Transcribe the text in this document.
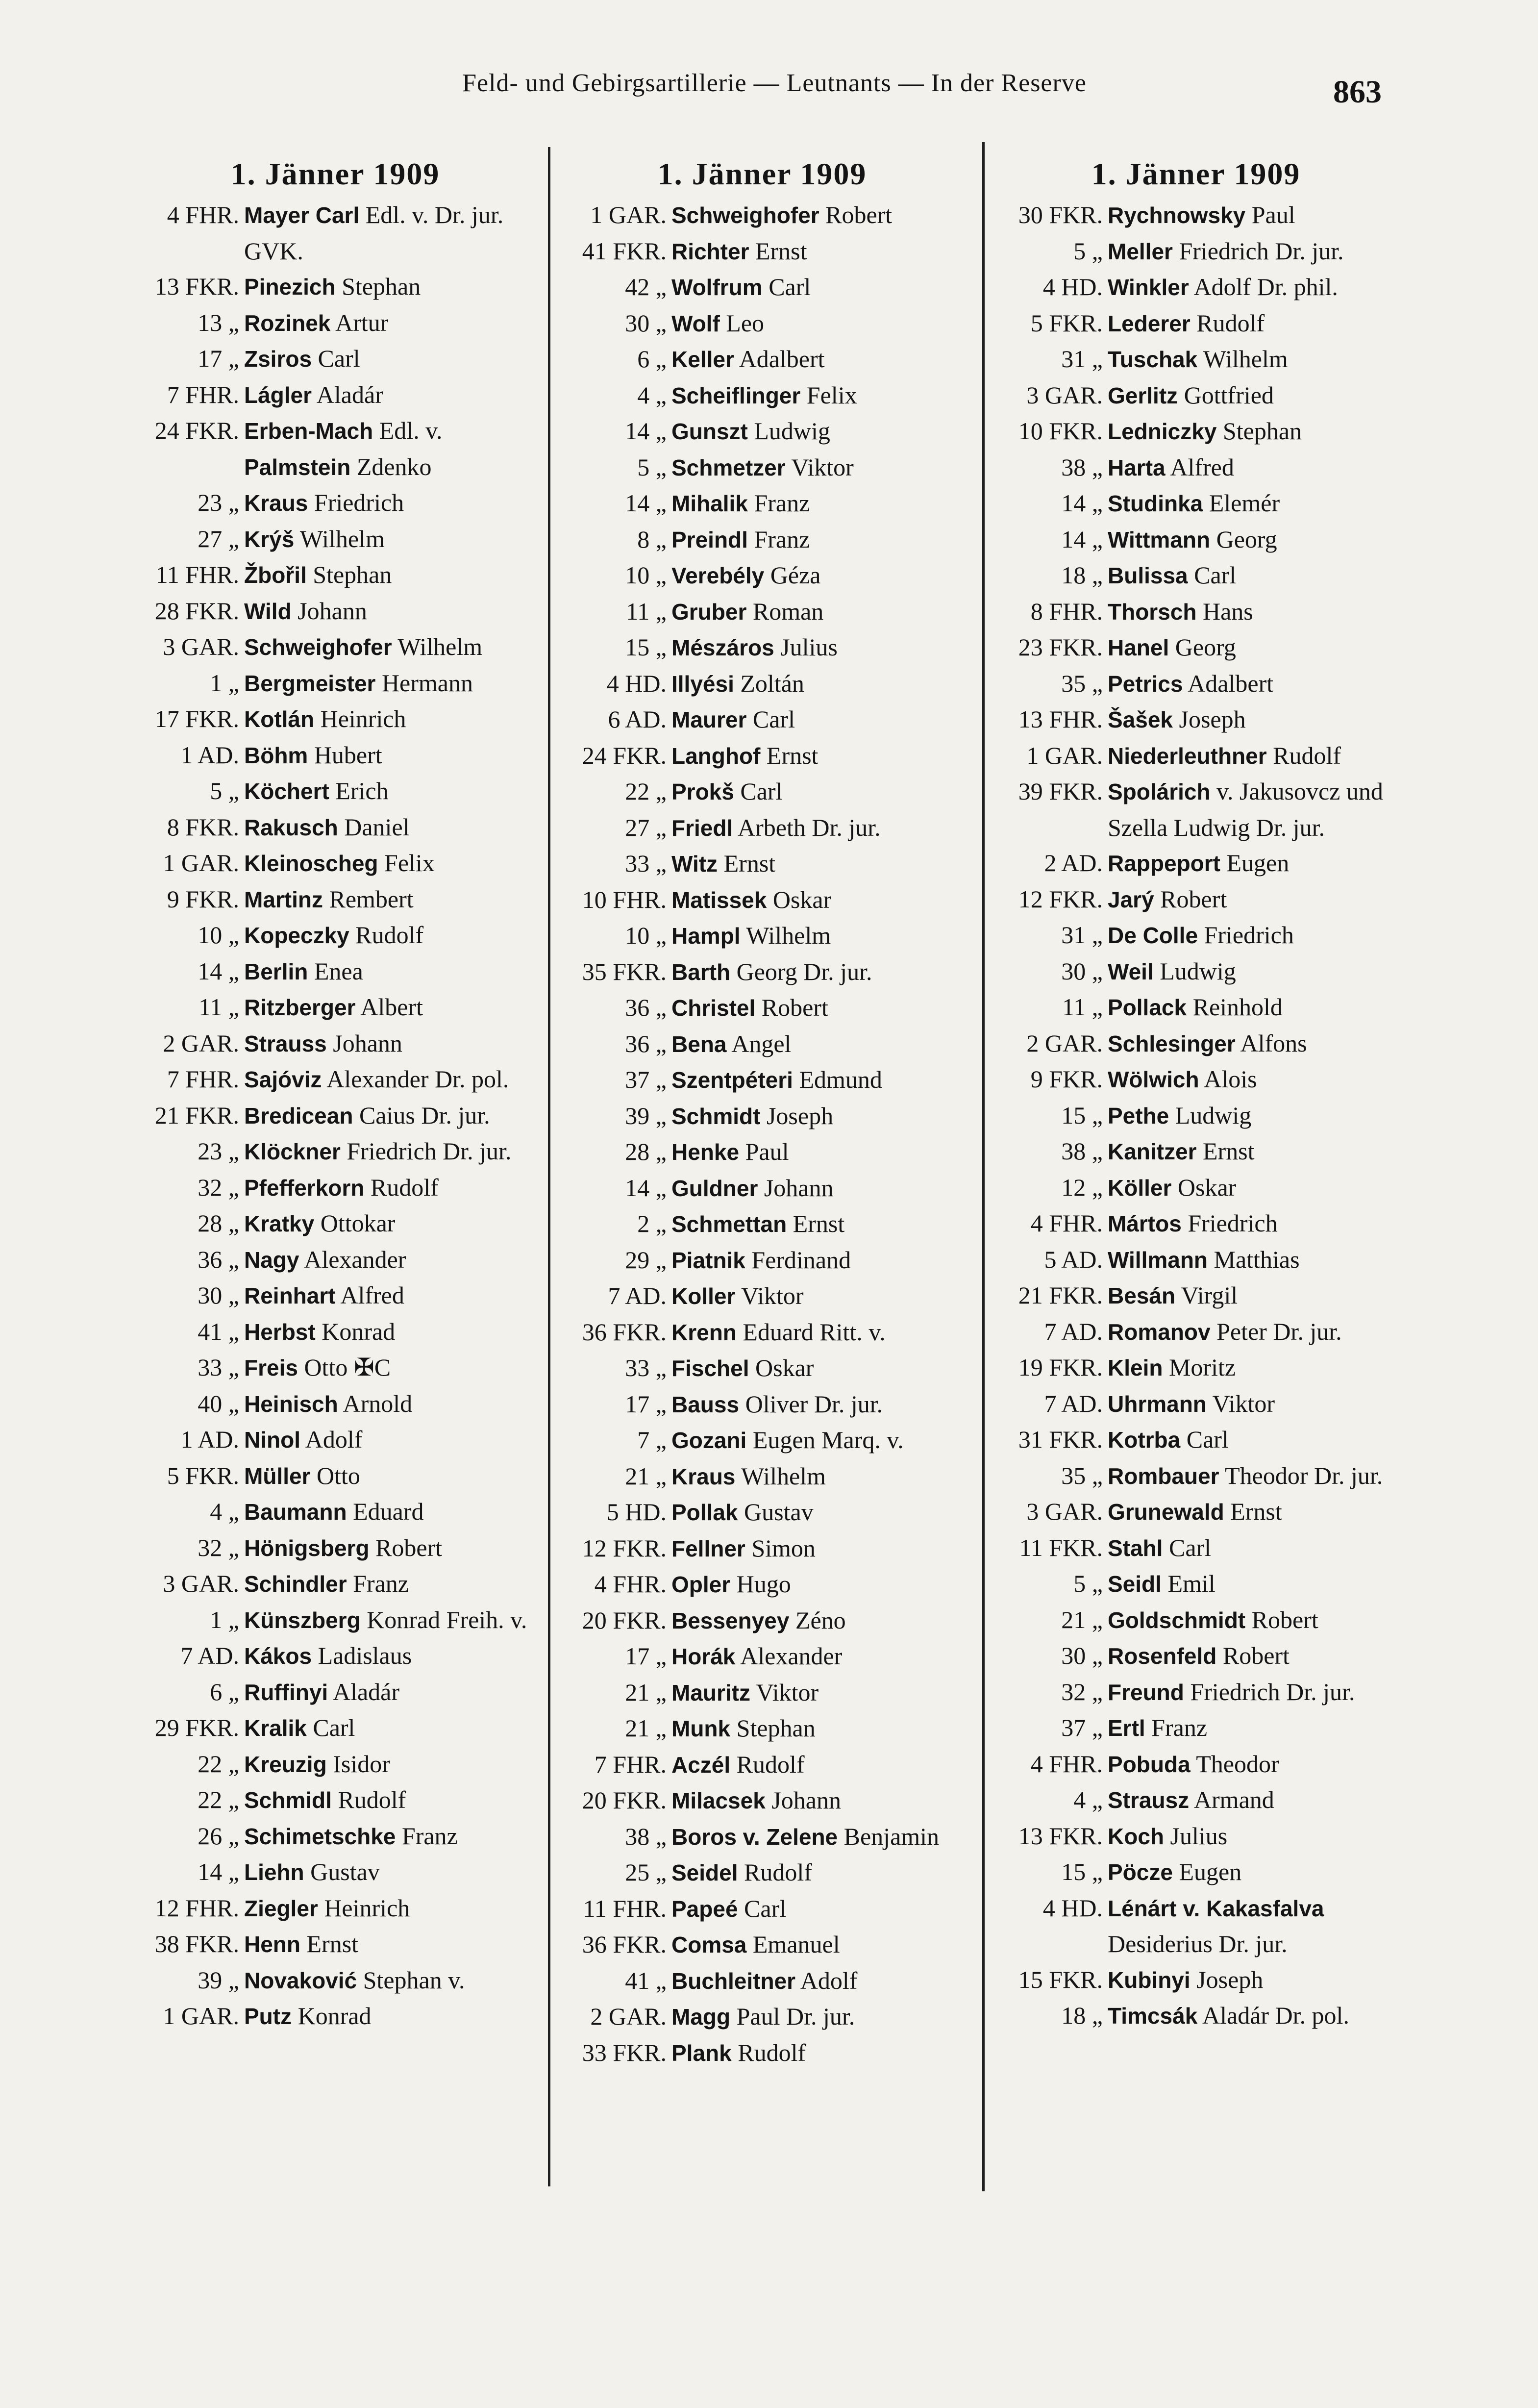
Feld- und Gebirgsartillerie — Leutnants — In der Reserve	863
1. Jänner 1909
4 FHR. Mayer Carl Edl. v. Dr. jur. GVK.
13 FKR. Pinezich Stephan
13 „ Rozinek Artur
17 „ Zsiros Carl
7 FHR. Lágler Aladár
24 FKR. Erben-Mach Edl. v.
Palmstein Zdenko
23 „ Kraus Friedrich
27 „ Krýš Wilhelm
11 FHR. Žbořil Stephan
28 FKR. Wild Johann
3 GAR. Schweighofer Wilhelm
1 „ Bergmeister Hermann
17 FKR. Kotlán Heinrich
1 AD. Böhm Hubert
5 „ Köchert Erich
8 FKR. Rakusch Daniel
1 GAR. Kleinoscheg Felix
9 FKR. Martinz Rembert
10 „ Kopeczky Rudolf
14 „ Berlin Enea
11 „ Ritzberger Albert
2 GAR. Strauss Johann
7 FHR. Sajóviz Alexander Dr. pol.
21 FKR. Bredicean Caius Dr. jur.
23 „ Klöckner Friedrich Dr. jur.
32 „ Pfefferkorn Rudolf
28 „ Kratky Ottokar
36 „ Nagy Alexander
30 „ Reinhart Alfred
41 „ Herbst Konrad
33 „ Freis Otto ✠C
40 „ Heinisch Arnold
1 AD. Ninol Adolf
5 FKR. Müller Otto
4 „ Baumann Eduard
32 „ Hönigsberg Robert
3 GAR. Schindler Franz
1 „ Künszberg Konrad Freih. v.
7 AD. Kákos Ladislaus
6 „ Ruffinyi Aladár
29 FKR. Kralik Carl
22 „ Kreuzig Isidor
22 „ Schmidl Rudolf
26 „ Schimetschke Franz
14 „ Liehn Gustav
12 FHR. Ziegler Heinrich
38 FKR. Henn Ernst
39 „ Novaković Stephan v.
1 GAR. Putz Konrad
1. Jänner 1909
1 GAR. Schweighofer Robert
41 FKR. Richter Ernst
42 „ Wolfrum Carl
30 „ Wolf Leo
6 „ Keller Adalbert
4 „ Scheiflinger Felix
14 „ Gunszt Ludwig
5 „ Schmetzer Viktor
14 „ Mihalik Franz
8 „ Preindl Franz
10 „ Verebély Géza
11 „ Gruber Roman
15 „ Mészáros Julius
4 HD. Illyési Zoltán
6 AD. Maurer Carl
24 FKR. Langhof Ernst
22 „ Prokš Carl
27 „ Friedl Arbeth Dr. jur.
33 „ Witz Ernst
10 FHR. Matissek Oskar
10 „ Hampl Wilhelm
35 FKR. Barth Georg Dr. jur.
36 „ Christel Robert
36 „ Bena Angel
37 „ Szentpéteri Edmund
39 „ Schmidt Joseph
28 „ Henke Paul
14 „ Guldner Johann
2 „ Schmettan Ernst
29 „ Piatnik Ferdinand
7 AD. Koller Viktor
36 FKR. Krenn Eduard Ritt. v.
33 „ Fischel Oskar
17 „ Bauss Oliver Dr. jur.
7 „ Gozani Eugen Marq. v.
21 „ Kraus Wilhelm
5 HD. Pollak Gustav
12 FKR. Fellner Simon
4 FHR. Opler Hugo
20 FKR. Bessenyey Zéno
17 „ Horák Alexander
21 „ Mauritz Viktor
21 „ Munk Stephan
7 FHR. Aczél Rudolf
20 FKR. Milacsek Johann
38 „ Boros v. Zelene Benjamin
25 „ Seidel Rudolf
11 FHR. Papeé Carl
36 FKR. Comsa Emanuel
41 „ Buchleitner Adolf
2 GAR. Magg Paul Dr. jur.
33 FKR. Plank Rudolf
1. Jänner 1909
30 FKR. Rychnowsky Paul
5 „ Meller Friedrich Dr. jur.
4 HD. Winkler Adolf Dr. phil.
5 FKR. Lederer Rudolf
31 „ Tuschak Wilhelm
3 GAR. Gerlitz Gottfried
10 FKR. Ledniczky Stephan
38 „ Harta Alfred
14 „ Studinka Elemér
14 „ Wittmann Georg
18 „ Bulissa Carl
8 FHR. Thorsch Hans
23 FKR. Hanel Georg
35 „ Petrics Adalbert
13 FHR. Šašek Joseph
1 GAR. Niederleuthner Rudolf
39 FKR. Spolárich v. Jakusovcz und Szella Ludwig Dr. jur.
2 AD. Rappeport Eugen
12 FKR. Jarý Robert
31 „ De Colle Friedrich
30 „ Weil Ludwig
11 „ Pollack Reinhold
2 GAR. Schlesinger Alfons
9 FKR. Wölwich Alois
15 „ Pethe Ludwig
38 „ Kanitzer Ernst
12 „ Köller Oskar
4 FHR. Mártos Friedrich
5 AD. Willmann Matthias
21 FKR. Besán Virgil
7 AD. Romanov Peter Dr. jur.
19 FKR. Klein Moritz
7 AD. Uhrmann Viktor
31 FKR. Kotrba Carl
35 „ Rombauer Theodor Dr. jur.
3 GAR. Grunewald Ernst
11 FKR. Stahl Carl
5 „ Seidl Emil
21 „ Goldschmidt Robert
30 „ Rosenfeld Robert
32 „ Freund Friedrich Dr. jur.
37 „ Ertl Franz
4 FHR. Pobuda Theodor
4 „ Strausz Armand
13 FKR. Koch Julius
15 „ Pöcze Eugen
4 HD. Lénárt v. Kakasfalva Desiderius Dr. jur.
15 FKR. Kubinyi Joseph
18 „ Timcsák Aladár Dr. pol.
